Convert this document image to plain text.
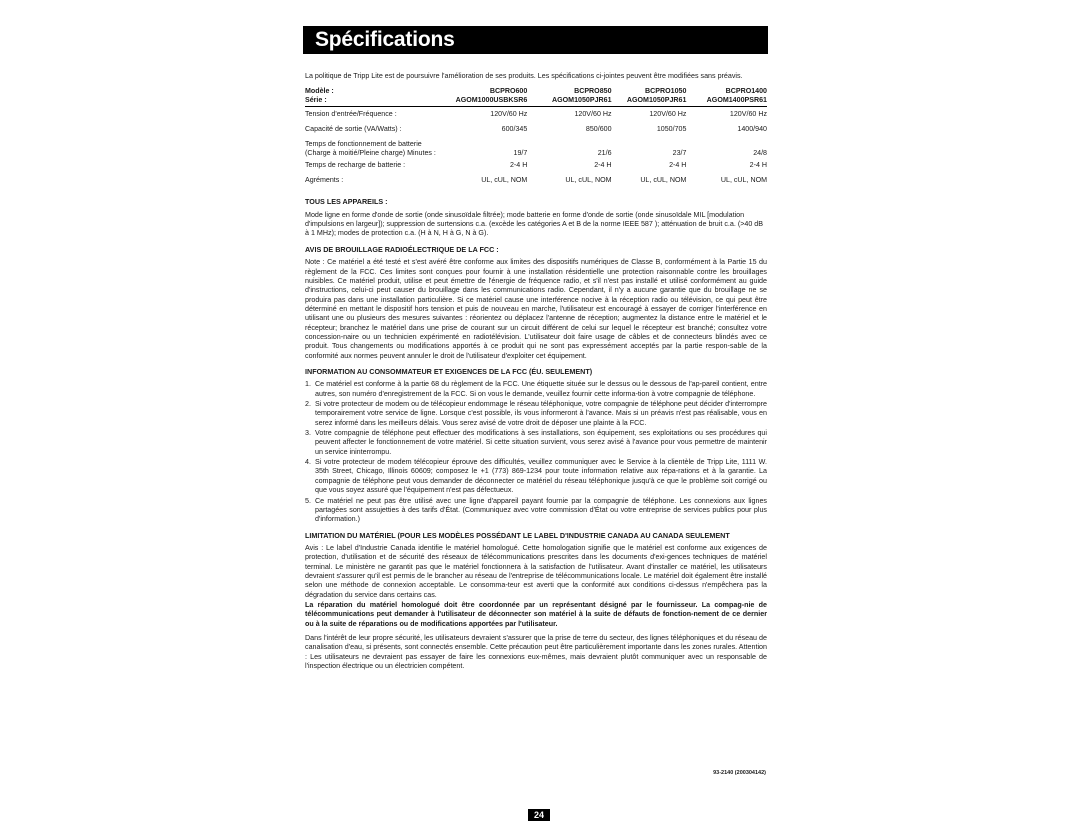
Spécifications

La politique de Tripp Lite est de poursuivre l'amélioration de ses produits. Les spécifications ci-jointes peuvent être modifiées sans préavis.

Modèle :	BCPRO600	BCPRO850	BCPRO1050	BCPRO1400
Série :	AGOM1000USBKSR6	AGOM1050PJR61	AGOM1050PJR61	AGOM1400PSR61
Tension d'entrée/Fréquence :	120V/60 Hz	120V/60 Hz	120V/60 Hz	120V/60 Hz
Capacité de sortie (VA/Watts) :	600/345	850/600	1050/705	1400/940
Temps de fonctionnement de batterie				
(Charge à moitié/Pleine charge) Minutes :	19/7	21/6	23/7	24/8
Temps de recharge de batterie :	2-4 H	2-4 H	2-4 H	2-4 H
Agréments :	UL, cUL, NOM	UL, cUL, NOM	UL, cUL, NOM	UL, cUL, NOM
TOUS LES APPAREILS :

Mode ligne en forme d'onde de sortie (onde sinusoïdale filtrée); mode batterie en forme d'onde de sortie (onde sinusoïdale MIL [modulation d'impulsions en largeur]); suppression de surtensions c.a. (excède les catégories A et B de la norme IEEE 587 ); atténuation de bruit c.a. (>40 dB à 1 MHz); modes de protection c.a. (H à N, H à G, N à G).

AVIS DE BROUILLAGE RADIOÉLECTRIQUE DE LA FCC :

Note : Ce matériel a été testé et s'est avéré être conforme aux limites des dispositifs numériques de Classe B, conformément à la Partie 15 du règlement de la FCC. Ces limites sont conçues pour fournir à une installation résidentielle une protection raisonnable contre les brouillages nuisibles. Ce matériel produit, utilise et peut émettre de l'énergie de fréquence radio, et s'il n'est pas installé et utilisé conformément au guide d'instructions, celui-ci peut causer du brouillage dans les communications radio. Cependant, il n'y a aucune garantie que du brouillage ne se produira pas dans une installation particulière. Si ce matériel cause une interférence nocive à la réception radio ou télévision, ce qui peut être déterminé en mettant le dispositif hors tension et puis de nouveau en marche, l'utilisateur est encouragé à essayer de corriger l'interférence en utilisant une ou plusieurs des mesures suivantes : réorientez ou déplacez l'antenne de réception; augmentez la distance entre le matériel et le récepteur; branchez le matériel dans une prise de courant sur un circuit différent de celui sur lequel le récepteur est branché; consultez votre concession-naire ou un technicien expérimenté en radiotélévision. L'utilisateur doit faire usage de câbles et de connecteurs blindés avec ce produit. Tous changements ou modifications apportés à ce produit qui ne sont pas expressément acceptés par la partie respon-sable de la conformité aux normes peuvent annuler le droit de l'utilisateur d'exploiter cet équipement.

INFORMATION AU CONSOMMATEUR ET EXIGENCES DE LA FCC (ÉU. SEULEMENT)
1. Ce matériel est conforme à la partie 68 du règlement de la FCC. Une étiquette située sur le dessus ou le dessous de l'ap-pareil contient, entre autres, son numéro d'enregistrement de la FCC. Si on vous le demande, veuillez fournir cette informa-tion à votre compagnie de téléphone.
2. Si votre protecteur de modem ou de télécopieur endommage le réseau téléphonique, votre compagnie de téléphone peut décider d'interrompre temporairement votre service de ligne. Lorsque c'est possible, ils vous informeront à l'avance. Mais si un préavis n'est pas réalisable, vous en serez informé dans les meilleurs délais. Vous serez avisé de votre droit de déposer une plainte à la FCC.
3. Votre compagnie de téléphone peut effectuer des modifications à ses installations, son équipement, ses exploitations ou ses procédures qui peuvent affecter le fonctionnement de votre matériel. Si cette situation survient, vous serez avisé à l'avance pour vous permettre de maintenir un service ininterrompu.
4. Si votre protecteur de modem télécopieur éprouve des difficultés, veuillez communiquer avec le Service à la clientèle de Tripp Lite, 1111 W. 35th Street, Chicago, Illinois 60609; composez le +1 (773) 869-1234 pour toute information relative aux répa-rations et à la garantie. La compagnie de téléphone peut vous demander de déconnecter ce matériel du réseau téléphonique jusqu'à ce que le problème soit corrigé ou que vous soyez assuré que l'équipement n'est pas défectueux.
5. Ce matériel ne peut pas être utilisé avec une ligne d'appareil payant fournie par la compagnie de téléphone. Les connexions aux lignes partagées sont assujetties à des tarifs d'État. (Communiquez avec votre commission d'État ou votre entreprise de services publics pour plus d'information.)
LIMITATION DU MATÉRIEL (POUR LES MODÈLES POSSÉDANT LE LABEL D'INDUSTRIE CANADA AU CANADA SEULEMENT

Avis : Le label d'Industrie Canada identifie le matériel homologué. Cette homologation signifie que le matériel est conforme aux exigences de protection, d'utilisation et de sécurité des réseaux de télécommunications prescrites dans les documents d'exi-gences techniques de matériel terminal. Le ministère ne garantit pas que le matériel fonctionnera à la satisfaction de l'utilisateur. Avant d'installer ce matériel, les utilisateurs devraient s'assurer qu'il est permis de le brancher au réseau de l'entreprise de télécommunications locale. Le matériel doit également être installé selon une méthode de connexion acceptable. Le consomma-teur est averti que la conformité aux conditions ci-dessus n'empêchera pas la dégradation du service dans certains cas.

La réparation du matériel homologué doit être coordonnée par un représentant désigné par le fournisseur. La compag-nie de télécommunications peut demander à l'utilisateur de déconnecter son matériel à la suite de défauts de fonction-nement de ce dernier ou à la suite de réparations ou de modifications apportées par l'utilisateur.

Dans l'intérêt de leur propre sécurité, les utilisateurs devraient s'assurer que la prise de terre du secteur, des lignes téléphoniques et du réseau de canalisation d'eau, si présents, sont connectés ensemble. Cette précaution peut être particulièrement importante dans les zones rurales. Attention : Les utilisateurs ne devraient pas essayer de faire les connexions eux-mêmes, mais devraient plutôt communiquer avec un responsable de l'inspection électrique ou un électricien compétent.

93-2140 (200304142)
24
